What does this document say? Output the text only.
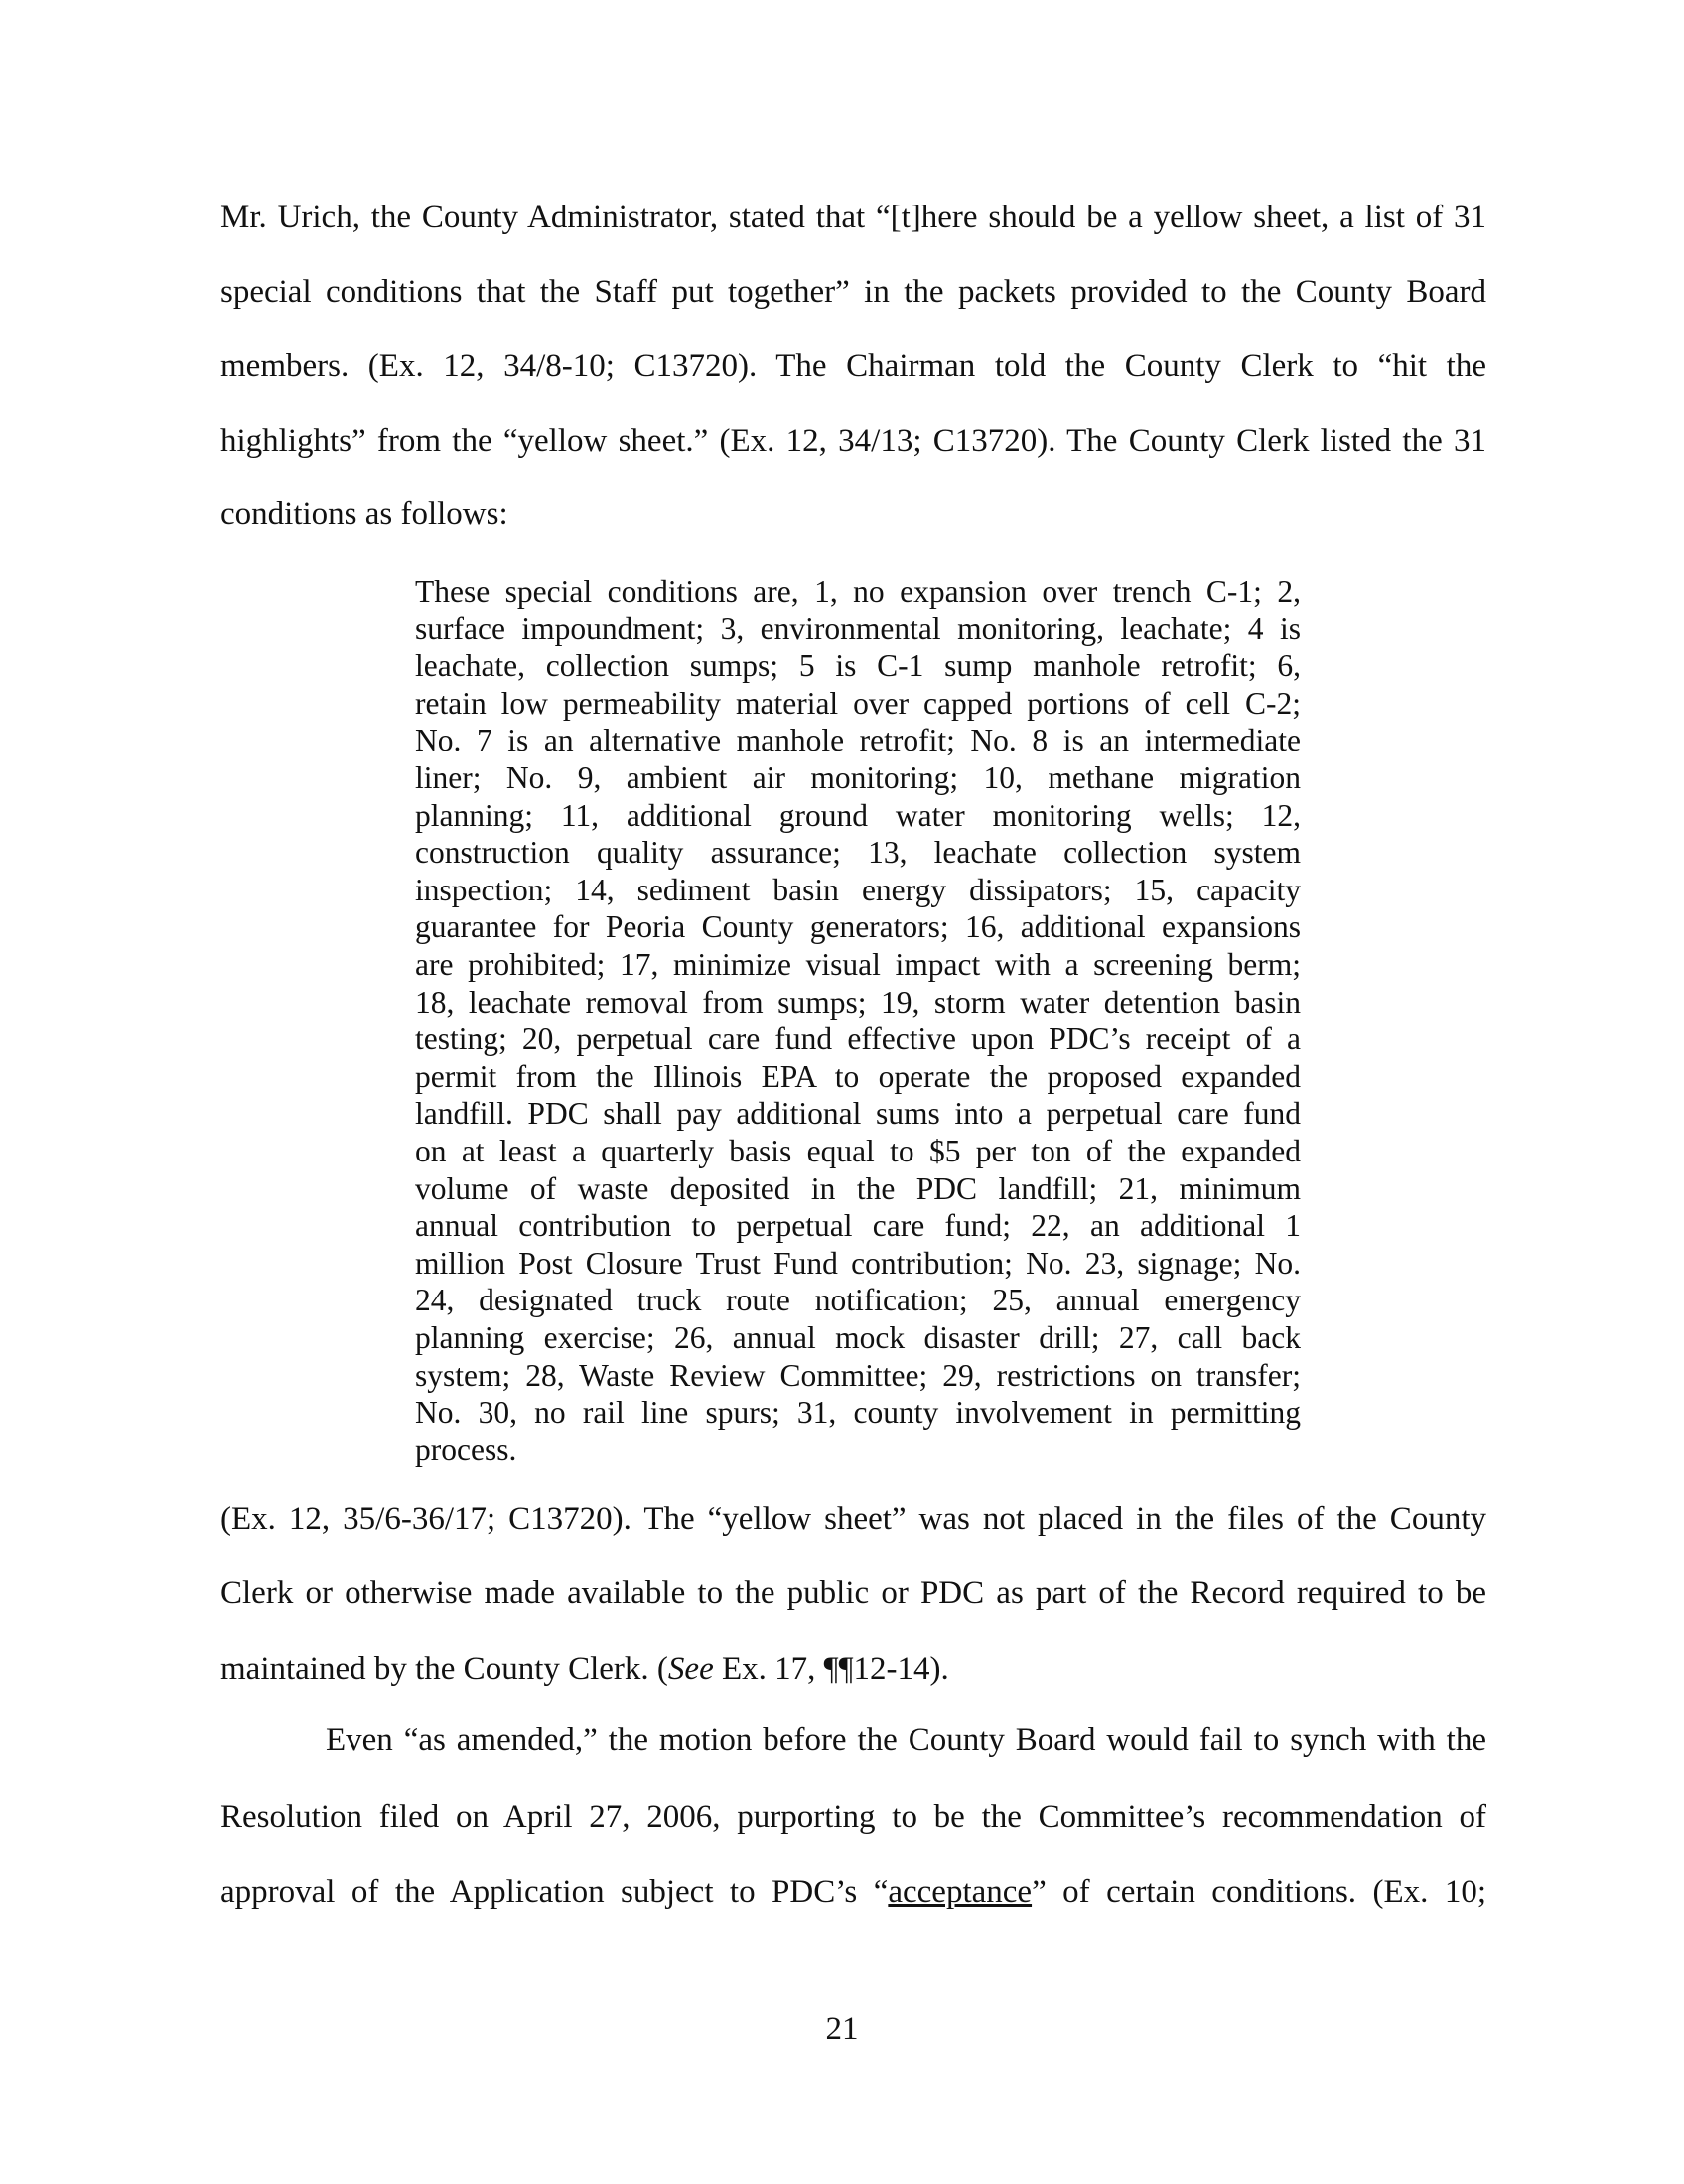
21
Mr. Urich, the County Administrator, stated that “[t]here should be a yellow sheet, a list of 31
special conditions that the Staff put together” in the packets provided to the County Board
members. (Ex. 12, 34/8-10; C13720). The Chairman told the County Clerk to “hit the
highlights” from the “yellow sheet.” (Ex. 12, 34/13; C13720). The County Clerk listed the 31
conditions as follows:
These special conditions are, 1, no expansion over trench C-1; 2,
surface impoundment; 3, environmental monitoring, leachate; 4 is
leachate, collection sumps; 5 is C-1 sump manhole retrofit; 6,
retain low permeability material over capped portions of cell C-2;
No. 7 is an alternative manhole retrofit; No. 8 is an intermediate
liner; No. 9, ambient air monitoring; 10, methane migration
planning; 11, additional ground water monitoring wells; 12,
construction quality assurance; 13, leachate collection system
inspection; 14, sediment basin energy dissipators; 15, capacity
guarantee for Peoria County generators; 16, additional expansions
are prohibited; 17, minimize visual impact with a screening berm;
18, leachate removal from sumps; 19, storm water detention basin
testing; 20, perpetual care fund effective upon PDC’s receipt of a
permit from the Illinois EPA to operate the proposed expanded
landfill. PDC shall pay additional sums into a perpetual care fund
on at least a quarterly basis equal to $5 per ton of the expanded
volume of waste deposited in the PDC landfill; 21, minimum
annual contribution to perpetual care fund; 22, an additional 1
million Post Closure Trust Fund contribution; No. 23, signage; No.
24, designated truck route notification; 25, annual emergency
planning exercise; 26, annual mock disaster drill; 27, call back
system; 28, Waste Review Committee; 29, restrictions on transfer;
No. 30, no rail line spurs; 31, county involvement in permitting
process.
(Ex. 12, 35/6-36/17; C13720). The “yellow sheet” was not placed in the files of the County
Clerk or otherwise made available to the public or PDC as part of the Record required to be
maintained by the County Clerk. (See Ex. 17, ¶¶12-14).
Even “as amended,” the motion before the County Board would fail to synch with the
Resolution filed on April 27, 2006, purporting to be the Committee’s recommendation of
approval of the Application subject to PDC’s “acceptance” of certain conditions. (Ex. 10;
